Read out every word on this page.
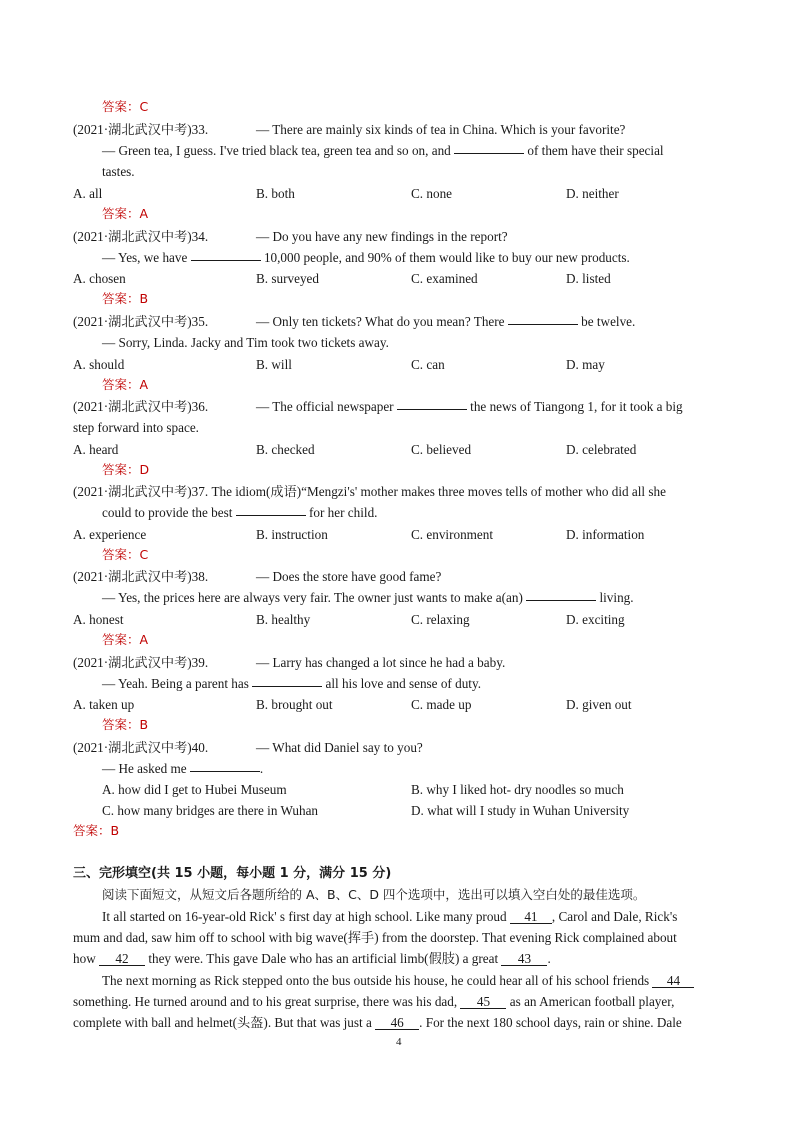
答案：C
(2021·湖北武汉中考)33.	— There are mainly six kinds of tea in China. Which is your favorite?
— Green tea, I guess. I've tried black tea, green tea and so on, and	of them have their special
tastes.
A. all	B. both	C. none	D. neither
答案：A
(2021·湖北武汉中考)34.	— Do you have any new findings in the report?
— Yes, we have	10,000 people, and 90% of them would like to buy our new products.
A. chosen	B. surveyed	C. examined	D. listed
答案：B
(2021·湖北武汉中考)35.	— Only ten tickets? What do you mean? There	be twelve.
— Sorry, Linda. Jacky and Tim took two tickets away.
A. should	B. will	C. can	D. may
答案：A
(2021·湖北武汉中考)36.	— The official newspaper	the news of Tiangong 1, for it took a big
step forward into space.
A. heard	B. checked	C. believed	D. celebrated
答案：D
(2021·湖北武汉中考)37. The idiom(成语)“Mengzi's' mother makes three moves tells of mother who did all she
could to provide the best	for her child.
A. experience	B. instruction	C. environment	D. information
答案：C
(2021·湖北武汉中考)38.	— Does the store have good fame?
— Yes, the prices here are always very fair. The owner just wants to make a(an)	living.
A. honest	B. healthy	C. relaxing	D. exciting
答案：A
(2021·湖北武汉中考)39.	— Larry has changed a lot since he had a baby.
— Yeah. Being a parent has	all his love and sense of duty.
A. taken up	B. brought out	C. made up	D. given out
答案：B
(2021·湖北武汉中考)40.	— What did Daniel say to you?
— He asked me	.
A. how did I get to Hubei Museum	B. why I liked hot- dry noodles so much
C. how many bridges are there in Wuhan	D. what will I study in Wuhan University
答案：B
三、完形填空(共 15 小题，每小题 1 分，满分 15 分)
阅读下面短文，从短文后各题所给的 A、B、C、D 四个选项中，选出可以填入空白处的最佳选项。
It all started on 16-year-old Rick' s first day at high school. Like many proud 41 , Carol and Dale, Rick's
mum and dad, saw him off to school with big wave(挥手) from the doorstep. That evening Rick complained about
how 42 they were. This gave Dale who has an artificial limb(假肢) a great 43 .
The next morning as Rick stepped onto the bus outside his house, he could hear all of his school friends 44
something. He turned around and to his great surprise, there was his dad, 45 as an American football player,
complete with ball and helmet(头盔). But that was just a 46 . For the next 180 school days, rain or shine. Dale
4
